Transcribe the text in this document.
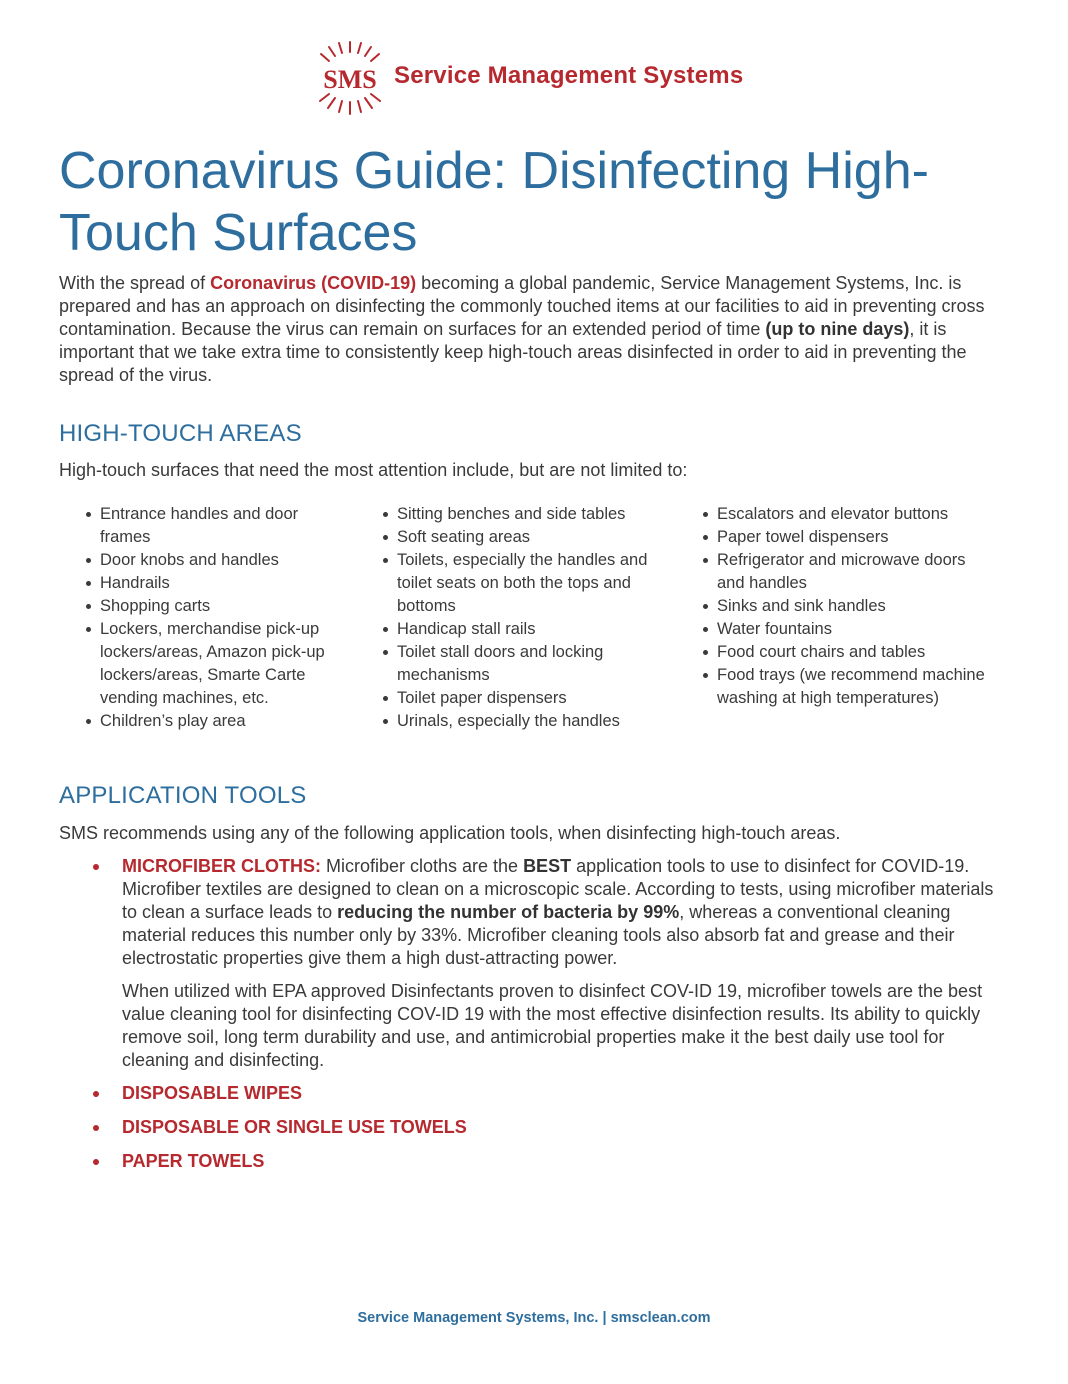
SMS Service Management Systems
Coronavirus Guide: Disinfecting High-Touch Surfaces

With the spread of Coronavirus (COVID-19) becoming a global pandemic, Service Management Systems, Inc. is prepared and has an approach on disinfecting the commonly touched items at our facilities to aid in preventing cross contamination. Because the virus can remain on surfaces for an extended period of time (up to nine days), it is important that we take extra time to consistently keep high-touch areas disinfected in order to aid in preventing the spread of the virus.

HIGH-TOUCH AREAS

High-touch surfaces that need the most attention include, but are not limited to:

Entrance handles and door frames
Door knobs and handles
Handrails
Shopping carts
Lockers, merchandise pick-up lockers/areas, Amazon pick-up lockers/areas, Smarte Carte vending machines, etc.
Children’s play area
Sitting benches and side tables
Soft seating areas
Toilets, especially the handles and toilet seats on both the tops and bottoms
Handicap stall rails
Toilet stall doors and locking mechanisms
Toilet paper dispensers
Urinals, especially the handles
Escalators and elevator buttons
Paper towel dispensers
Refrigerator and microwave doors and handles
Sinks and sink handles
Water fountains
Food court chairs and tables
Food trays (we recommend machine washing at high temperatures)
APPLICATION TOOLS

SMS recommends using any of the following application tools, when disinfecting high-touch areas.

MICROFIBER CLOTHS: Microfiber cloths are the BEST application tools to use to disinfect for COVID-19. Microfiber textiles are designed to clean on a microscopic scale. According to tests, using microfiber materials to clean a surface leads to reducing the number of bacteria by 99%, whereas a conventional cleaning material reduces this number only by 33%. Microfiber cleaning tools also absorb fat and grease and their electrostatic properties give them a high dust-attracting power.

When utilized with EPA approved Disinfectants proven to disinfect COV-ID 19, microfiber towels are the best value cleaning tool for disinfecting COV-ID 19 with the most effective disinfection results. Its ability to quickly remove soil, long term durability and use, and antimicrobial properties make it the best daily use tool for cleaning and disinfecting.

DISPOSABLE WIPES
DISPOSABLE OR SINGLE USE TOWELS
PAPER TOWELS
Service Management Systems, Inc. | smsclean.com
